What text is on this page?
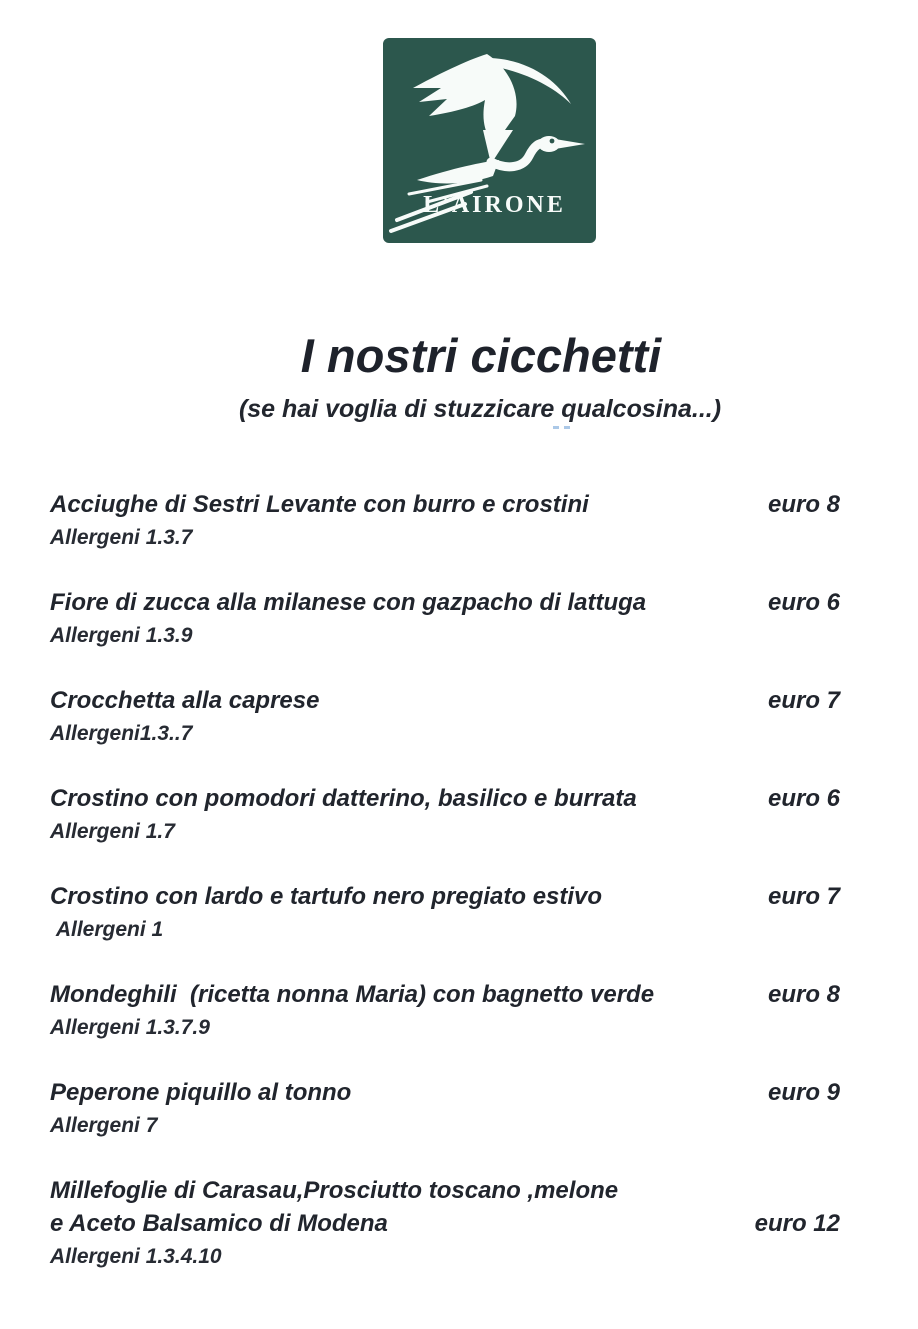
L'AIRONE
I nostri cicchetti
(se hai voglia di stuzzicare qualcosina...)
Acciughe di Sestri Levante con burro e crostini	euro 8
Allergeni 1.3.7
Fiore di zucca alla milanese con gazpacho di lattuga	euro 6
Allergeni 1.3.9
Crocchetta alla caprese	euro 7
Allergeni1.3..7
Crostino con pomodori datterino, basilico e burrata	euro 6
Allergeni 1.7
Crostino con lardo e tartufo nero pregiato estivo	euro 7
Allergeni 1
Mondeghili  (ricetta nonna Maria) con bagnetto verde	euro 8
Allergeni 1.3.7.9
Peperone piquillo al tonno	euro 9
Allergeni 7
Millefoglie di Carasau,Prosciutto toscano ,melone
e Aceto Balsamico di Modena	euro 12
Allergeni 1.3.4.10
